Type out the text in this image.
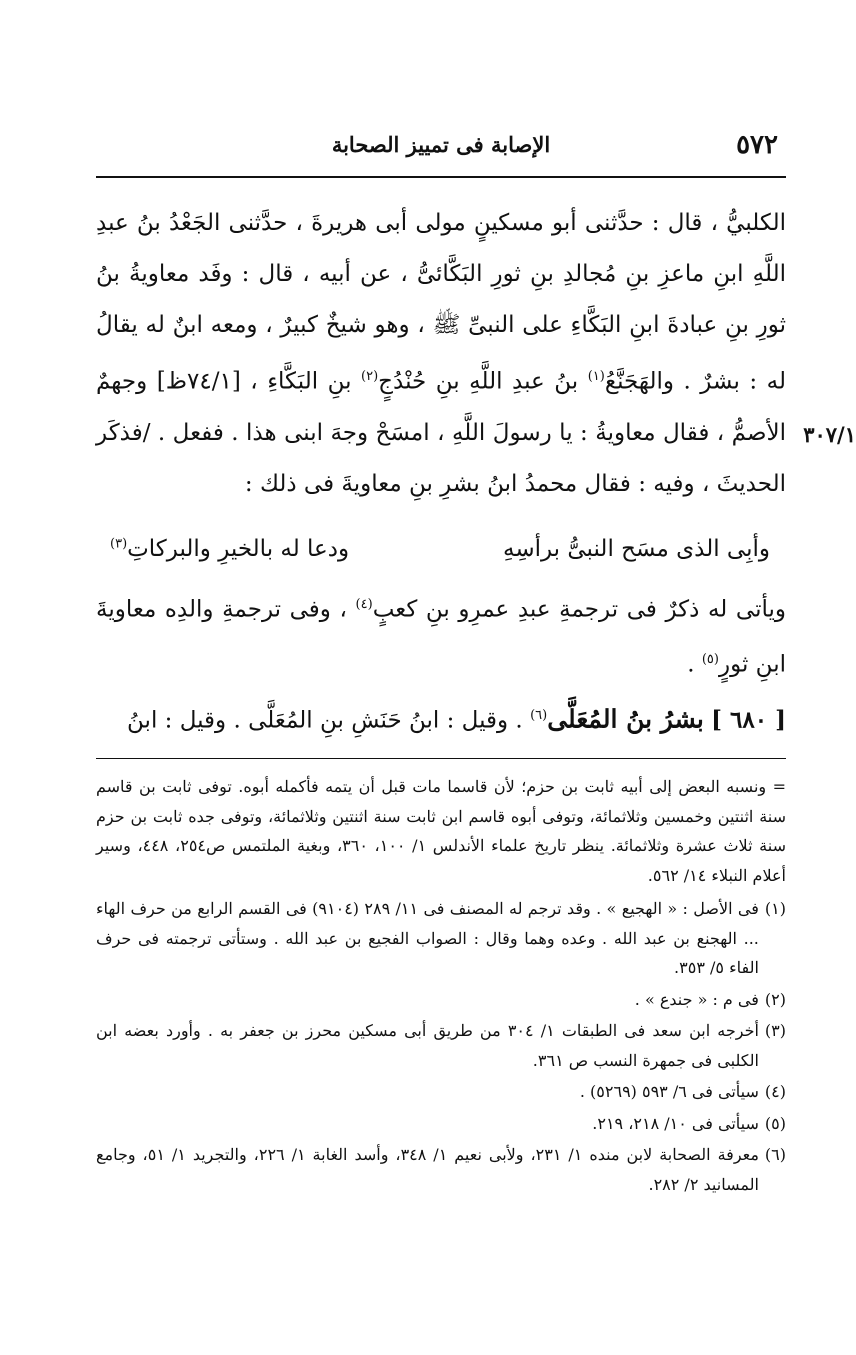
٥٧٢
الإصابة فى تمييز الصحابة

الكلبيُّ ، قال : حدَّثنى أبو مسكينٍ مولى أبى هريرةَ ، حدَّثنى الجَعْدُ بنُ عبدِ اللَّهِ ابنِ ماعزِ بنِ مُجالدِ بنِ ثورِ البَكَّائىُّ ، عن أبيه ، قال : وفَد معاويةُ بنُ ثورِ بنِ عبادةَ ابنِ البَكَّاءِ على النبىِّ ﷺ ، وهو شيخٌ كبيرٌ ، ومعه ابنٌ له يقالُ له : بشرٌ . والهَجَنَّعُ$^{(١)}$ بنُ عبدِ اللَّهِ بنِ حُنْدُجٍ$^{(٢)}$ بنِ البَكَّاءِ ، [٧٤/١ظ] وجهمٌ الأصمُّ ، فقال معاويةُ : يا رسولَ اللَّهِ ، امسَحْ وجهَ ابنى هذا . ففعل . /فذكَر الحديثَ ، وفيه : فقال محمدُ ابنُ بشرِ بنِ معاويةَ فى ذلك :

٣٠٧/١
وأبِى الذى مسَح النبىُّ برأسِهِ
ودعا له بالخيرِ والبركاتِ$^{(٣)}$

ويأتى له ذكرٌ فى ترجمةِ عبدِ عمرِو بنِ كعبٍ$^{(٤)}$ ، وفى ترجمةِ والدِه معاويةَ ابنِ ثورٍ$^{(٥)}$ .

[ ٦٨٠ ] بشرُ بنُ المُعَلَّى$^{(٦)}$ . وقيل : ابنُ حَنَشِ بنِ المُعَلَّى . وقيل : ابنُ

= ونسبه البعض إلى أبيه ثابت بن حزم؛ لأن قاسما مات قبل أن يتمه فأكمله أبوه. توفى ثابت بن قاسم سنة اثنتين وخمسين وثلاثمائة، وتوفى أبوه قاسم ابن ثابت سنة اثنتين وثلاثمائة، وتوفى جده ثابت بن حزم سنة ثلاث عشرة وثلاثمائة. ينظر تاريخ علماء الأندلس ١/ ١٠٠، ٣٦٠، وبغية الملتمس ص٢٥٤، ٤٤٨، وسير أعلام النبلاء ١٤/ ٥٦٢.

(١)
فى الأصل : « الهجيع » . وقد ترجم له المصنف فى ١١/ ٢٨٩ (٩١٠٤) فى القسم الرابع من حرف الهاء ... الهجنع بن عبد الله . وعده وهما وقال : الصواب الفجيع بن عبد الله . وستأتى ترجمته فى حرف الفاء ٥/ ٣٥٣.
(٢)
فى م : « جندع » .
(٣)
أخرجه ابن سعد فى الطبقات ١/ ٣٠٤ من طريق أبى مسكين محرز بن جعفر به . وأورد بعضه ابن الكلبى فى جمهرة النسب ص ٣٦١.
(٤)
سيأتى فى ٦/ ٥٩٣ (٥٢٦٩) .
(٥)
سيأتى فى ١٠/ ٢١٨، ٢١٩.
(٦)
معرفة الصحابة لابن منده ١/ ٢٣١، ولأبى نعيم ١/ ٣٤٨، وأسد الغابة ١/ ٢٢٦، والتجريد ١/ ٥١، وجامع المسانيد ٢/ ٢٨٢.
